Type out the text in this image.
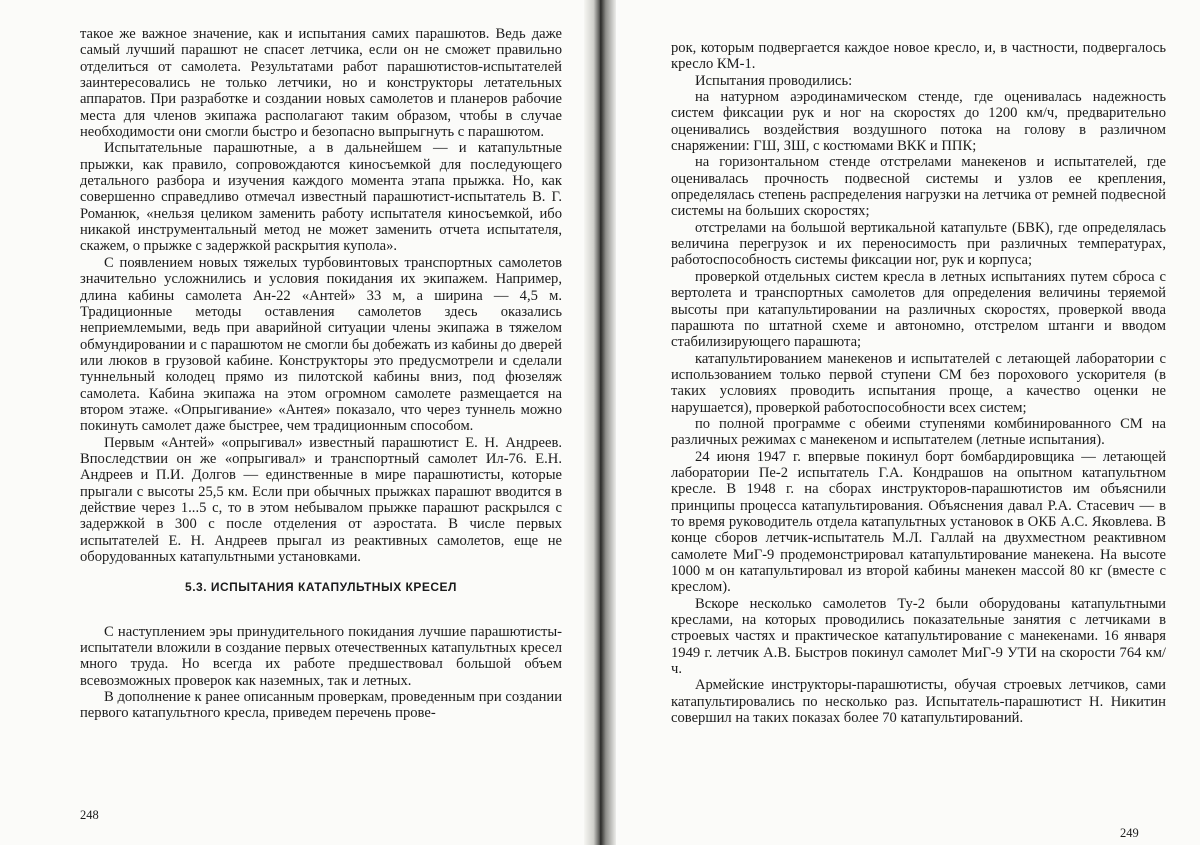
такое же важное значение, как и испытания самих парашютов. Ведь даже самый лучший парашют не спасет летчика, если он не сможет правильно отделиться от самолета. Результатами работ парашютистов-испытателей заинтересовались не только летчики, но и конструкторы летательных аппаратов. При разработке и создании новых самолетов и планеров рабочие места для членов экипажа располагают таким образом, чтобы в случае необходимости они смогли быстро и безопасно выпрыгнуть с парашютом.

Испытательные парашютные, а в дальнейшем — и катапультные прыжки, как правило, сопровождаются киносъемкой для последующего детального разбора и изучения каждого момента этапа прыжка. Но, как совершенно справедливо отмечал известный парашютист-испытатель В. Г. Романюк, «нельзя целиком заменить работу испытателя киносъемкой, ибо никакой инструментальный метод не может заменить отчета испытателя, скажем, о прыжке с задержкой раскрытия купола».

С появлением новых тяжелых турбовинтовых транспортных самолетов значительно усложнились и условия покидания их экипажем. Например, длина кабины самолета Ан-22 «Антей» 33 м, а ширина — 4,5 м. Традиционные методы оставления самолетов здесь оказались неприемлемыми, ведь при аварийной ситуации члены экипажа в тяжелом обмундировании и с парашютом не смогли бы добежать из кабины до дверей или люков в грузовой кабине. Конструкторы это предусмотрели и сделали туннельный колодец прямо из пилотской кабины вниз, под фюзеляж самолета. Кабина экипажа на этом огромном самолете размещается на втором этаже. «Опрыгивание» «Антея» показало, что через туннель можно покинуть самолет даже быстрее, чем традиционным способом.

Первым «Антей» «опрыгивал» известный парашютист Е. Н. Андреев. Впоследствии он же «опрыгивал» и транспортный самолет Ил-76. Е.Н. Андреев и П.И. Долгов — единственные в мире парашютисты, которые прыгали с высоты 25,5 км. Если при обычных прыжках парашют вводится в действие через 1...5 с, то в этом небывалом прыжке парашют раскрылся с задержкой в 300 с после отделения от аэростата. В числе первых испытателей Е. Н. Андреев прыгал из реактивных самолетов, еще не оборудованных катапультными установками.

5.3. ИСПЫТАНИЯ КАТАПУЛЬТНЫХ КРЕСЕЛ

С наступлением эры принудительного покидания лучшие парашютисты-испытатели вложили в создание первых отечественных катапультных кресел много труда. Но всегда их работе предшествовал большой объем всевозможных проверок как наземных, так и летных.

В дополнение к ранее описанным проверкам, проведенным при создании первого катапультного кресла, приведем перечень прове-

248

рок, которым подвергается каждое новое кресло, и, в частности, подвергалось кресло КМ-1.

Испытания проводились:

на натурном аэродинамическом стенде, где оценивалась надежность систем фиксации рук и ног на скоростях до 1200 км/ч, предварительно оценивались воздействия воздушного потока на голову в различном снаряжении: ГШ, ЗШ, с костюмами ВКК и ППК;

на горизонтальном стенде отстрелами манекенов и испытателей, где оценивалась прочность подвесной системы и узлов ее крепления, определялась степень распределения нагрузки на летчика от ремней подвесной системы на больших скоростях;

отстрелами на большой вертикальной катапульте (БВК), где определялась величина перегрузок и их переносимость при различных температурах, работоспособность системы фиксации ног, рук и корпуса;

проверкой отдельных систем кресла в летных испытаниях путем сброса с вертолета и транспортных самолетов для определения величины теряемой высоты при катапультировании на различных скоростях, проверкой ввода парашюта по штатной схеме и автономно, отстрелом штанги и вводом стабилизирующего парашюта;

катапультированием манекенов и испытателей с летающей лаборатории с использованием только первой ступени СМ без порохового ускорителя (в таких условиях проводить испытания проще, а качество оценки не нарушается), проверкой работоспособности всех систем;

по полной программе с обеими ступенями комбинированного СМ на различных режимах с манекеном и испытателем (летные испытания).

24 июня 1947 г. впервые покинул борт бомбардировщика — летающей лаборатории Пе-2 испытатель Г.А. Кондрашов на опытном катапультном кресле. В 1948 г. на сборах инструкторов-парашютистов им объяснили принципы процесса катапультирования. Объяснения давал Р.А. Стасевич — в то время руководитель отдела катапультных установок в ОКБ А.С. Яковлева. В конце сборов летчик-испытатель М.Л. Галлай на двухместном реактивном самолете МиГ-9 продемонстрировал катапультирование манекена. На высоте 1000 м он катапультировал из второй кабины манекен массой 80 кг (вместе с креслом).

Вскоре несколько самолетов Ту-2 были оборудованы катапультными креслами, на которых проводились показательные занятия с летчиками в строевых частях и практическое катапультирование с манекенами. 16 января 1949 г. летчик А.В. Быстров покинул самолет МиГ-9 УТИ на скорости 764 км/ч.

Армейские инструкторы-парашютисты, обучая строевых летчиков, сами катапультировались по несколько раз. Испытатель-парашютист Н. Никитин совершил на таких показах более 70 катапультирований.

249
